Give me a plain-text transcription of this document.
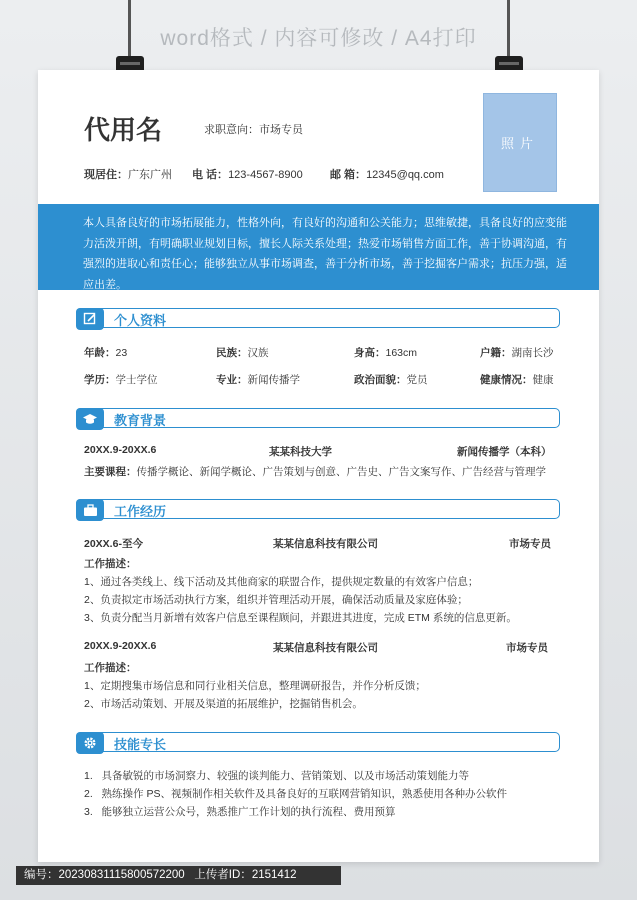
word格式 / 内容可修改 / A4打印
代用名	求职意向：市场专员
现居住：广东广州 电 话：123-4567-8900 邮 箱：12345@qq.com
照片
本人具备良好的市场拓展能力，性格外向，有良好的沟通和公关能力；思维敏捷，具备良好的应变能力活泼开朗，有明确职业规划目标，擅长人际关系处理；热爱市场销售方面工作，善于协调沟通，有强烈的进取心和责任心；能够独立从事市场调查，善于分析市场，善于挖掘客户需求；抗压力强，适应出差。
个人资料
年龄：23	民族：汉族	身高：163cm	户籍：湖南长沙
学历：学士学位	专业：新闻传播学	政治面貌：党员	健康情况：健康
教育背景
20XX.9-20XX.6	某某科技大学	新闻传播学（本科）
主要课程：传播学概论、新闻学概论、广告策划与创意、广告史、广告文案写作、广告经营与管理学
工作经历
20XX.6-至今	某某信息科技有限公司	市场专员
工作描述：
1、通过各类线上、线下活动及其他商家的联盟合作，提供规定数量的有效客户信息；
2、负责拟定市场活动执行方案，组织并管理活动开展，确保活动质量及家庭体验；
3、负责分配当月新增有效客户信息至课程顾问，并跟进其进度，完成 ETM 系统的信息更新。
20XX.9-20XX.6	某某信息科技有限公司	市场专员
工作描述：
1、定期搜集市场信息和同行业相关信息，整理调研报告，并作分析反馈；
2、市场活动策划、开展及渠道的拓展维护，挖掘销售机会。
技能专长
1. 具备敏锐的市场洞察力、较强的谈判能力、营销策划、以及市场活动策划能力等
2. 熟练操作 PS、视频制作相关软件及具备良好的互联网营销知识，熟悉使用各种办公软件
3. 能够独立运营公众号，熟悉推广工作计划的执行流程、费用预算
编号：20230831115800572200 上传者ID：2151412
